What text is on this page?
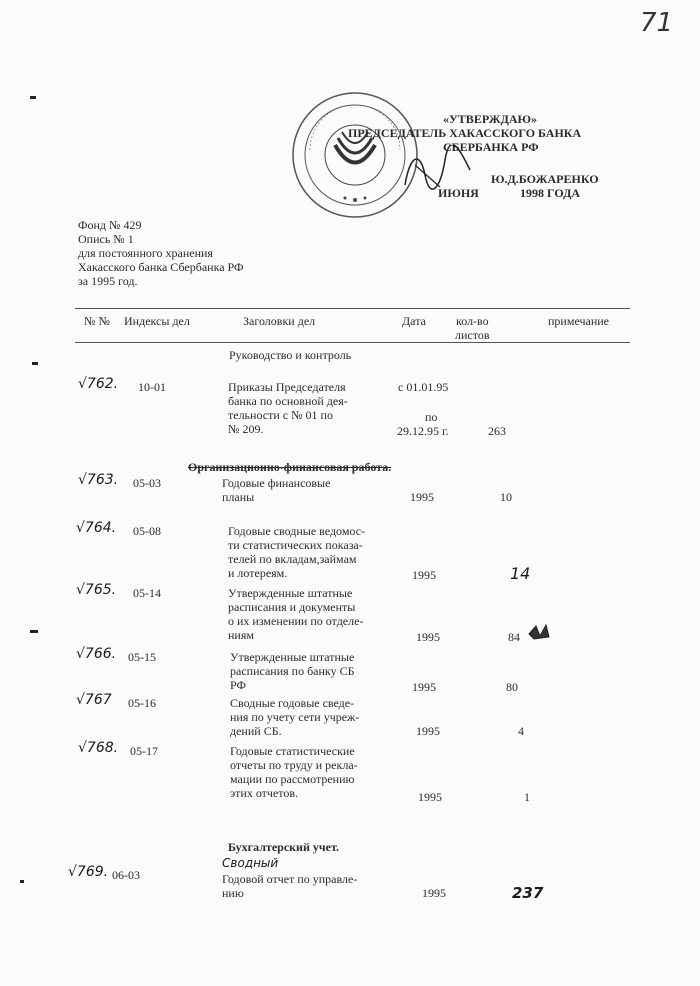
71
«УТВЕРЖДАЮ»
ПРЕДСЕДАТЕЛЬ ХАКАССКОГО БАНКА
СБЕРБАНКА РФ
Ю.Д.БОЖАРЕНКО
ИЮНЯ	1998 ГОДА
Фонд № 429
Опись № 1
для постоянного хранения
Хакасского банка Сбербанка РФ
за 1995 год.
№ № Индексы дел	Заголовки дел	Дата	кол-во
листов
примечание
Руководство и контроль
√762. 10-01	Приказы Председателя
банка по основной дея-
тельности с № 01 по
№ 209.
с 01.01.95
по
29.12.95 г.	263
Организационно-финансовая работа.
√763. 05-03	Годовые финансовые
планы	1995	10
√764. 05-08	Годовые сводные ведомос-
ти статистических показа-
телей по вкладам,займам
и лотереям.	1995	14
√765. 05-14	Утвержденные штатные
расписания и документы
о их изменении по отделе-
ниям	1995	84
√766. 05-15	Утвержденные штатные
расписания по банку СБ
РФ	1995	80
√767 05-16	Сводные годовые сведе-
ния по учету сети учреж-
дений СБ.	1995	4
√768. 05-17	Годовые статистические
отчеты по труду и рекла-
мации по рассмотрению
этих отчетов.	1995	1
Бухгалтерский учет.
Сводный
√769. 06-03	Годовой отчет по управле-
нию	1995	237
